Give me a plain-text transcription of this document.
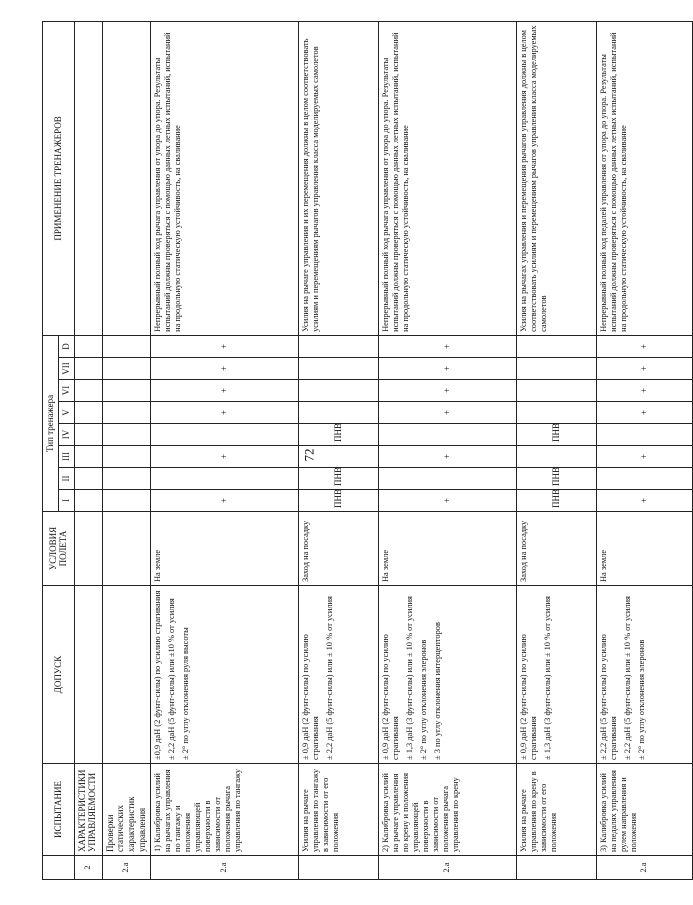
72
	ИСПЫТАНИЕ	ДОПУСК	УСЛОВИЯ ПОЛЕТА	Тип тренажера								ПРИМЕНЕНИЕ ТРЕНАЖЕРОВ
				I	II	III	IV	V	VI	VII	D	
2	ХАРАКТЕРИСТИКИ УПРАВЛЯЕМОСТИ											
2.a	Проверки статических характеристик управления											
2.a	1) Калибровка усилий на рычагах управления по тангажу и положения управляющей поверхности в зависимости от положения рычага управления по тангажу	±0,9 даН (2 фунт-силы) по усилию страгивания ± 2,2 даН (5 фунт-силы) или ±10 % от усилия ± 2° по углу отклонения руля высоты	На земле	+		+		+	+	+	+	Непрерывный полный ход рычага управления от упора до упора. Результаты испытаний должны проверяться с помощью данных летных испытаний, испытаний на продольную статическую устойчивость, на сваливание
	Усилия на рычаге управления по тангажу в зависимости от его положения	± 0,9 даН (2 фунт-силы) по усилию страгивания ± 2,2 даН (5 фунт-силы) или ± 10 % от усилия	Заход на посадку	ПНВ	ПНВ		ПНВ					Усилия на рычаге управления и их перемещения должны в целом соответствовать усилиям и перемещениям рычагов управления класса моделируемых самолетов
2.a	2) Калибровка усилий на рычаге управления по крену и положения управляющей поверхности в зависимости от положения рычага управления по крену	± 0,9 даН (2 фунт-силы) по усилию страгивания ± 1,3 даН (3 фунт-силы) или ± 10 % от усилия ± 2° по углу отклонения элеронов ± 3 по углу отклонения интерцепторов	На земле	+		+		+	+	+	+	Непрерывный полный ход рычага управления от упора до упора. Результаты испытаний должны проверяться с помощью данных летных испытаний, испытаний на продольную статическую устойчивость, на сваливание
	Усилия на рычаге управления по крену в зависимости от его положения	± 0,9 даН (2 фунт-силы) по усилию страгивания ± 1,3 даН (3 фунт-силы) или ± 10 % от усилия	Заход на посадку	ПНВ	ПНВ		ПНВ					Усилия на рычагах управления и перемещения рычагов управления должны в целом соответствовать усилиям и перемещениям рычагов управления класса моделируемых самолетов
2.a	3) Калибровка усилий на педалях управления рулем направления и положения	± 2,2 даН (5 фунт-силы) по усилию страгивания ± 2,2 даН (5 фунт-силы) или ± 10 % от усилия ± 2° по углу отклонения элеронов	На земле	+		+		+	+	+	+	Непрерывный полный ход педалей управления от упора до упора. Результаты испытаний должны проверяться с помощью данных летных испытаний, испытаний на продольную статическую устойчивость, на сваливание
